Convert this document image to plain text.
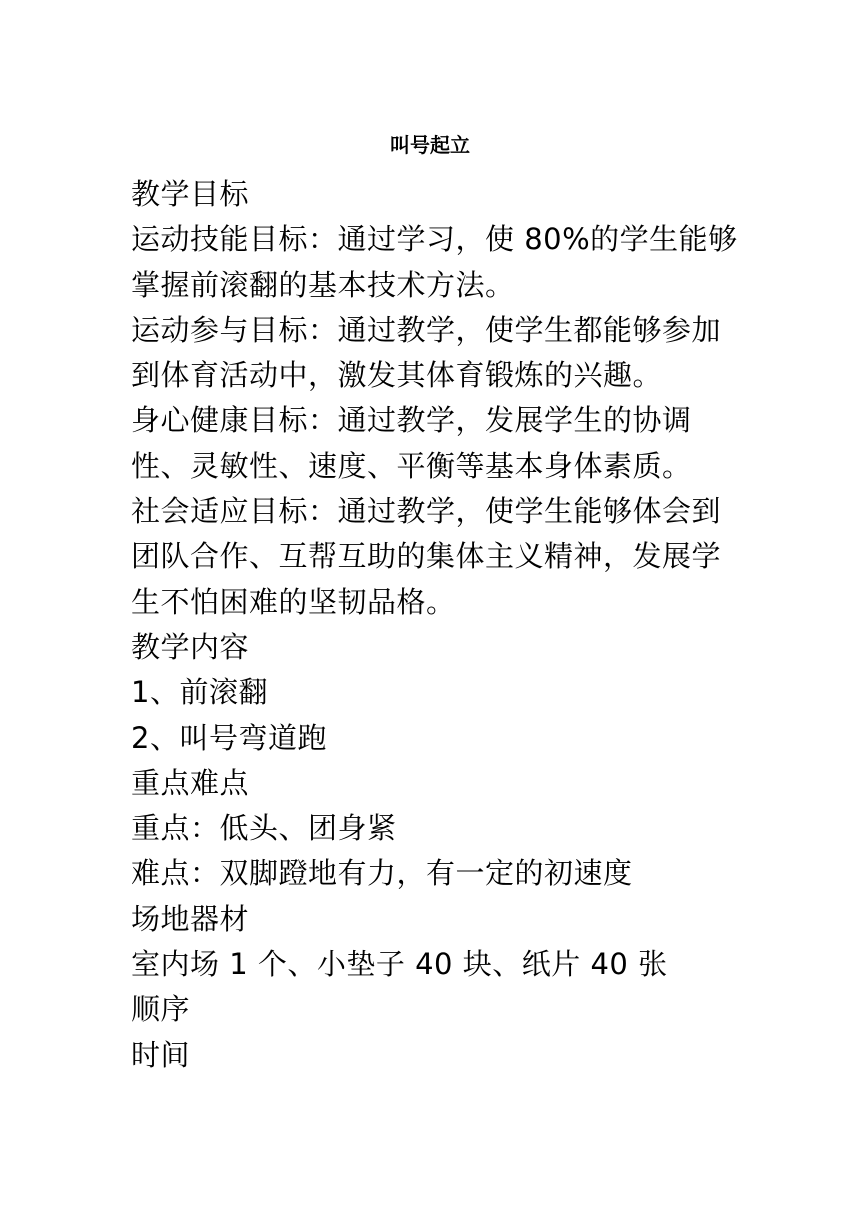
叫号起立

教学目标

运动技能目标：通过学习，使 80%的学生能够掌握前滚翻的基本技术方法。

运动参与目标：通过教学，使学生都能够参加到体育活动中，激发其体育锻炼的兴趣。

身心健康目标：通过教学，发展学生的协调性、灵敏性、速度、平衡等基本身体素质。

社会适应目标：通过教学，使学生能够体会到团队合作、互帮互助的集体主义精神，发展学生不怕困难的坚韧品格。

教学内容

1、前滚翻

2、叫号弯道跑

重点难点

重点：低头、团身紧

难点：双脚蹬地有力，有一定的初速度

场地器材

室内场 1 个、小垫子 40 块、纸片 40 张

顺序

时间
